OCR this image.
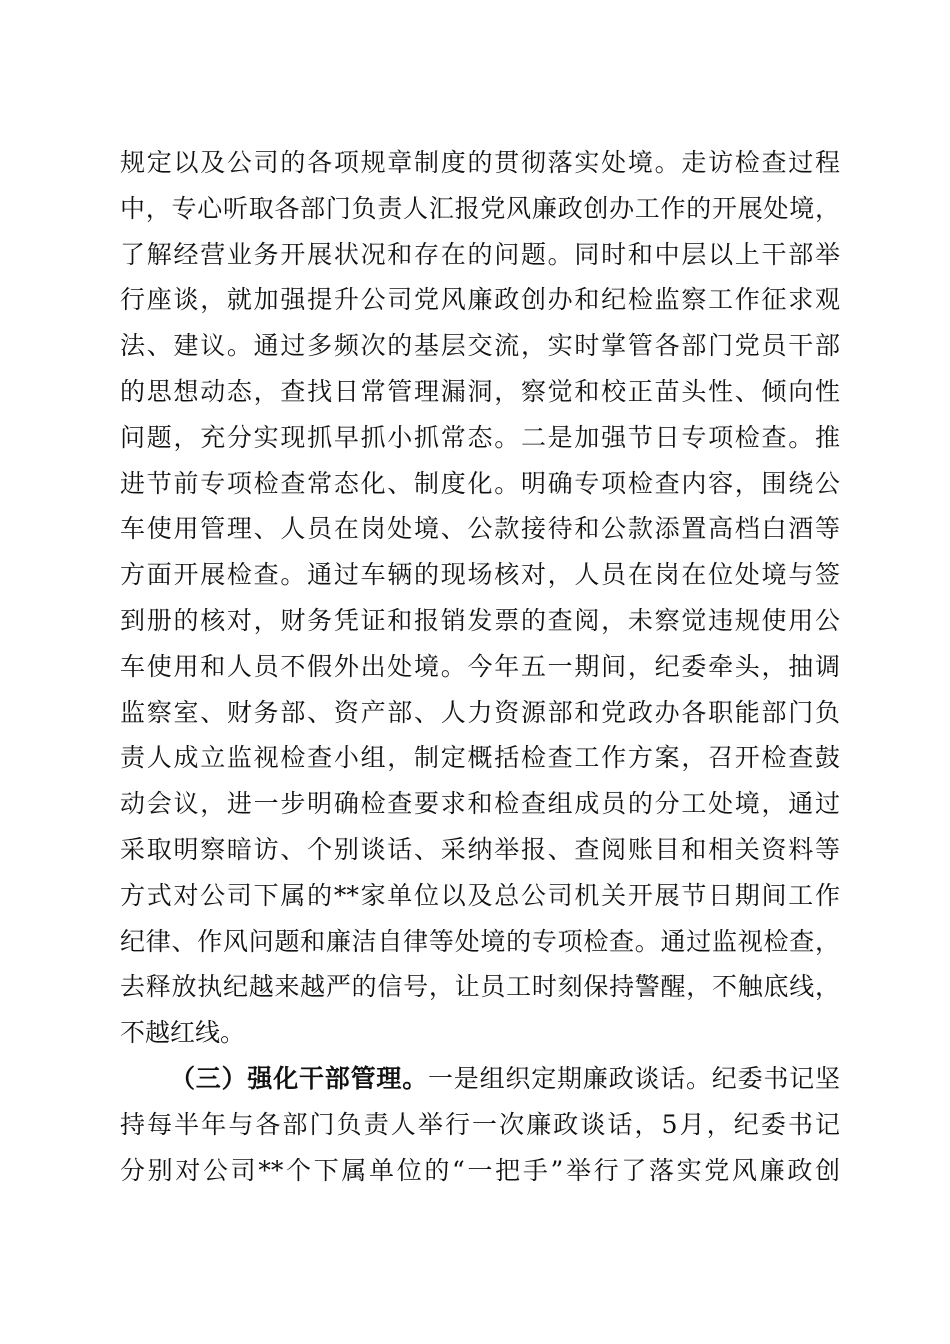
规定以及公司的各项规章制度的贯彻落实处境。走访检查过程
中，专心听取各部门负责人汇报党风廉政创办工作的开展处境，
了解经营业务开展状况和存在的问题。同时和中层以上干部举
行座谈，就加强提升公司党风廉政创办和纪检监察工作征求观
法、建议。通过多频次的基层交流，实时掌管各部门党员干部
的思想动态，查找日常管理漏洞，察觉和校正苗头性、倾向性
问题，充分实现抓早抓小抓常态。二是加强节日专项检查。推
进节前专项检查常态化、制度化。明确专项检查内容，围绕公
车使用管理、人员在岗处境、公款接待和公款添置高档白酒等
方面开展检查。通过车辆的现场核对，人员在岗在位处境与签
到册的核对，财务凭证和报销发票的查阅，未察觉违规使用公
车使用和人员不假外出处境。今年五一期间，纪委牵头，抽调
监察室、财务部、资产部、人力资源部和党政办各职能部门负
责人成立监视检查小组，制定概括检查工作方案，召开检查鼓
动会议，进一步明确检查要求和检查组成员的分工处境，通过
采取明察暗访、个别谈话、采纳举报、查阅账目和相关资料等
方式对公司下属的**家单位以及总公司机关开展节日期间工作
纪律、作风问题和廉洁自律等处境的专项检查。通过监视检查，
去释放执纪越来越严的信号，让员工时刻保持警醒，不触底线，
不越红线。
（三）强化干部管理。一是组织定期廉政谈话。纪委书记坚
持每半年与各部门负责人举行一次廉政谈话，5月，纪委书记
分别对公司**个下属单位的“一把手”举行了落实党风廉政创
